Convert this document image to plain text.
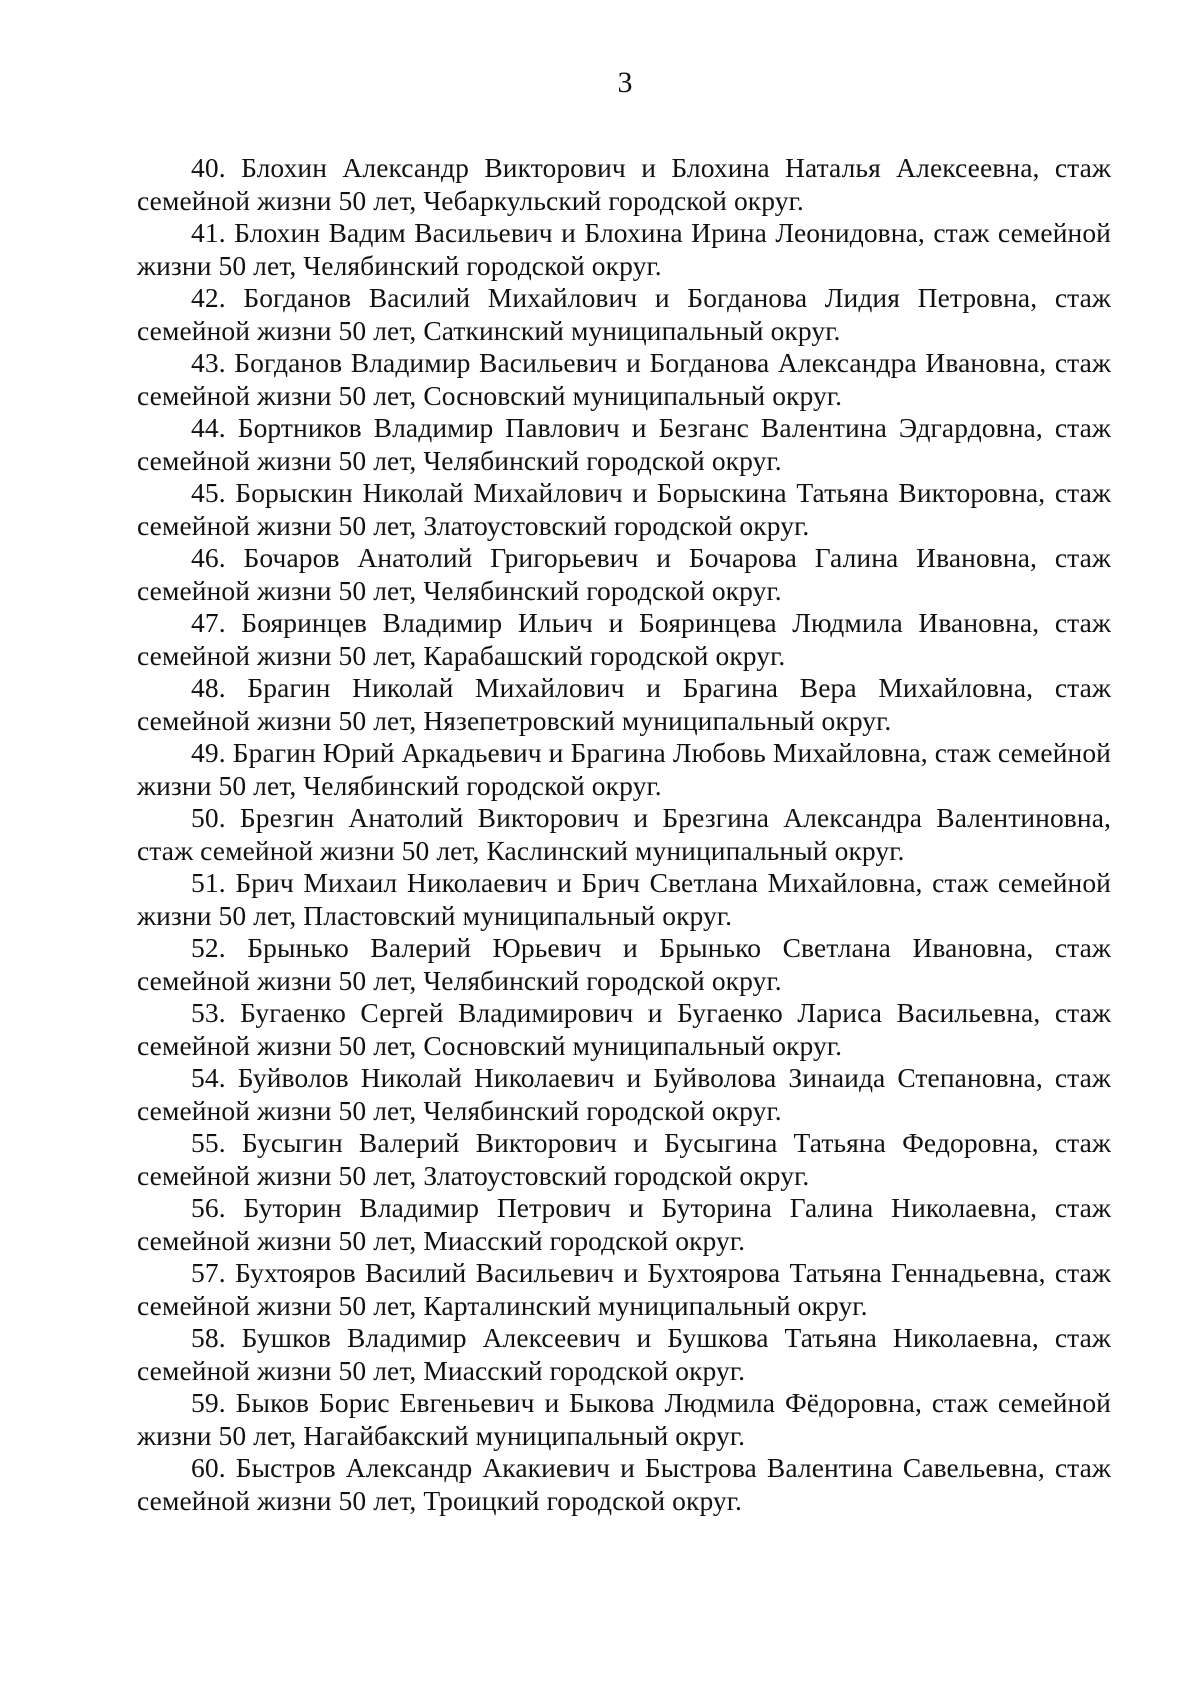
3
40. Блохин Александр Викторович и Блохина Наталья Алексеевна, стаж семейной жизни 50 лет, Чебаркульский городской округ.
41. Блохин Вадим Васильевич и Блохина Ирина Леонидовна, стаж семейной жизни 50 лет, Челябинский городской округ.
42. Богданов Василий Михайлович и Богданова Лидия Петровна, стаж семейной жизни 50 лет, Саткинский муниципальный округ.
43. Богданов Владимир Васильевич и Богданова Александра Ивановна, стаж семейной жизни 50 лет, Сосновский муниципальный округ.
44. Бортников Владимир Павлович и Безганс Валентина Эдгардовна, стаж семейной жизни 50 лет, Челябинский городской округ.
45. Борыскин Николай Михайлович и Борыскина Татьяна Викторовна, стаж семейной жизни 50 лет, Златоустовский городской округ.
46. Бочаров Анатолий Григорьевич и Бочарова Галина Ивановна, стаж семейной жизни 50 лет, Челябинский городской округ.
47. Бояринцев Владимир Ильич и Бояринцева Людмила Ивановна, стаж семейной жизни 50 лет, Карабашский городской округ.
48. Брагин Николай Михайлович и Брагина Вера Михайловна, стаж семейной жизни 50 лет, Нязепетровский муниципальный округ.
49. Брагин Юрий Аркадьевич и Брагина Любовь Михайловна, стаж семейной жизни 50 лет, Челябинский городской округ.
50. Брезгин Анатолий Викторович и Брезгина Александра Валентиновна, стаж семейной жизни 50 лет, Каслинский муниципальный округ.
51. Брич Михаил Николаевич и Брич Светлана Михайловна, стаж семейной жизни 50 лет, Пластовский муниципальный округ.
52. Брынько Валерий Юрьевич и Брынько Светлана Ивановна, стаж семейной жизни 50 лет, Челябинский городской округ.
53. Бугаенко Сергей Владимирович и Бугаенко Лариса Васильевна, стаж семейной жизни 50 лет, Сосновский муниципальный округ.
54. Буйволов Николай Николаевич и Буйволова Зинаида Степановна, стаж семейной жизни 50 лет, Челябинский городской округ.
55. Бусыгин Валерий Викторович и Бусыгина Татьяна Федоровна, стаж семейной жизни 50 лет, Златоустовский городской округ.
56. Буторин Владимир Петрович и Буторина Галина Николаевна, стаж семейной жизни 50 лет, Миасский городской округ.
57. Бухтояров Василий Васильевич и Бухтоярова Татьяна Геннадьевна, стаж семейной жизни 50 лет, Карталинский муниципальный округ.
58. Бушков Владимир Алексеевич и Бушкова Татьяна Николаевна, стаж семейной жизни 50 лет, Миасский городской округ.
59. Быков Борис Евгеньевич и Быкова Людмила Фёдоровна, стаж семейной жизни 50 лет, Нагайбакский муниципальный округ.
60. Быстров Александр Акакиевич и Быстрова Валентина Савельевна, стаж семейной жизни 50 лет, Троицкий городской округ.
